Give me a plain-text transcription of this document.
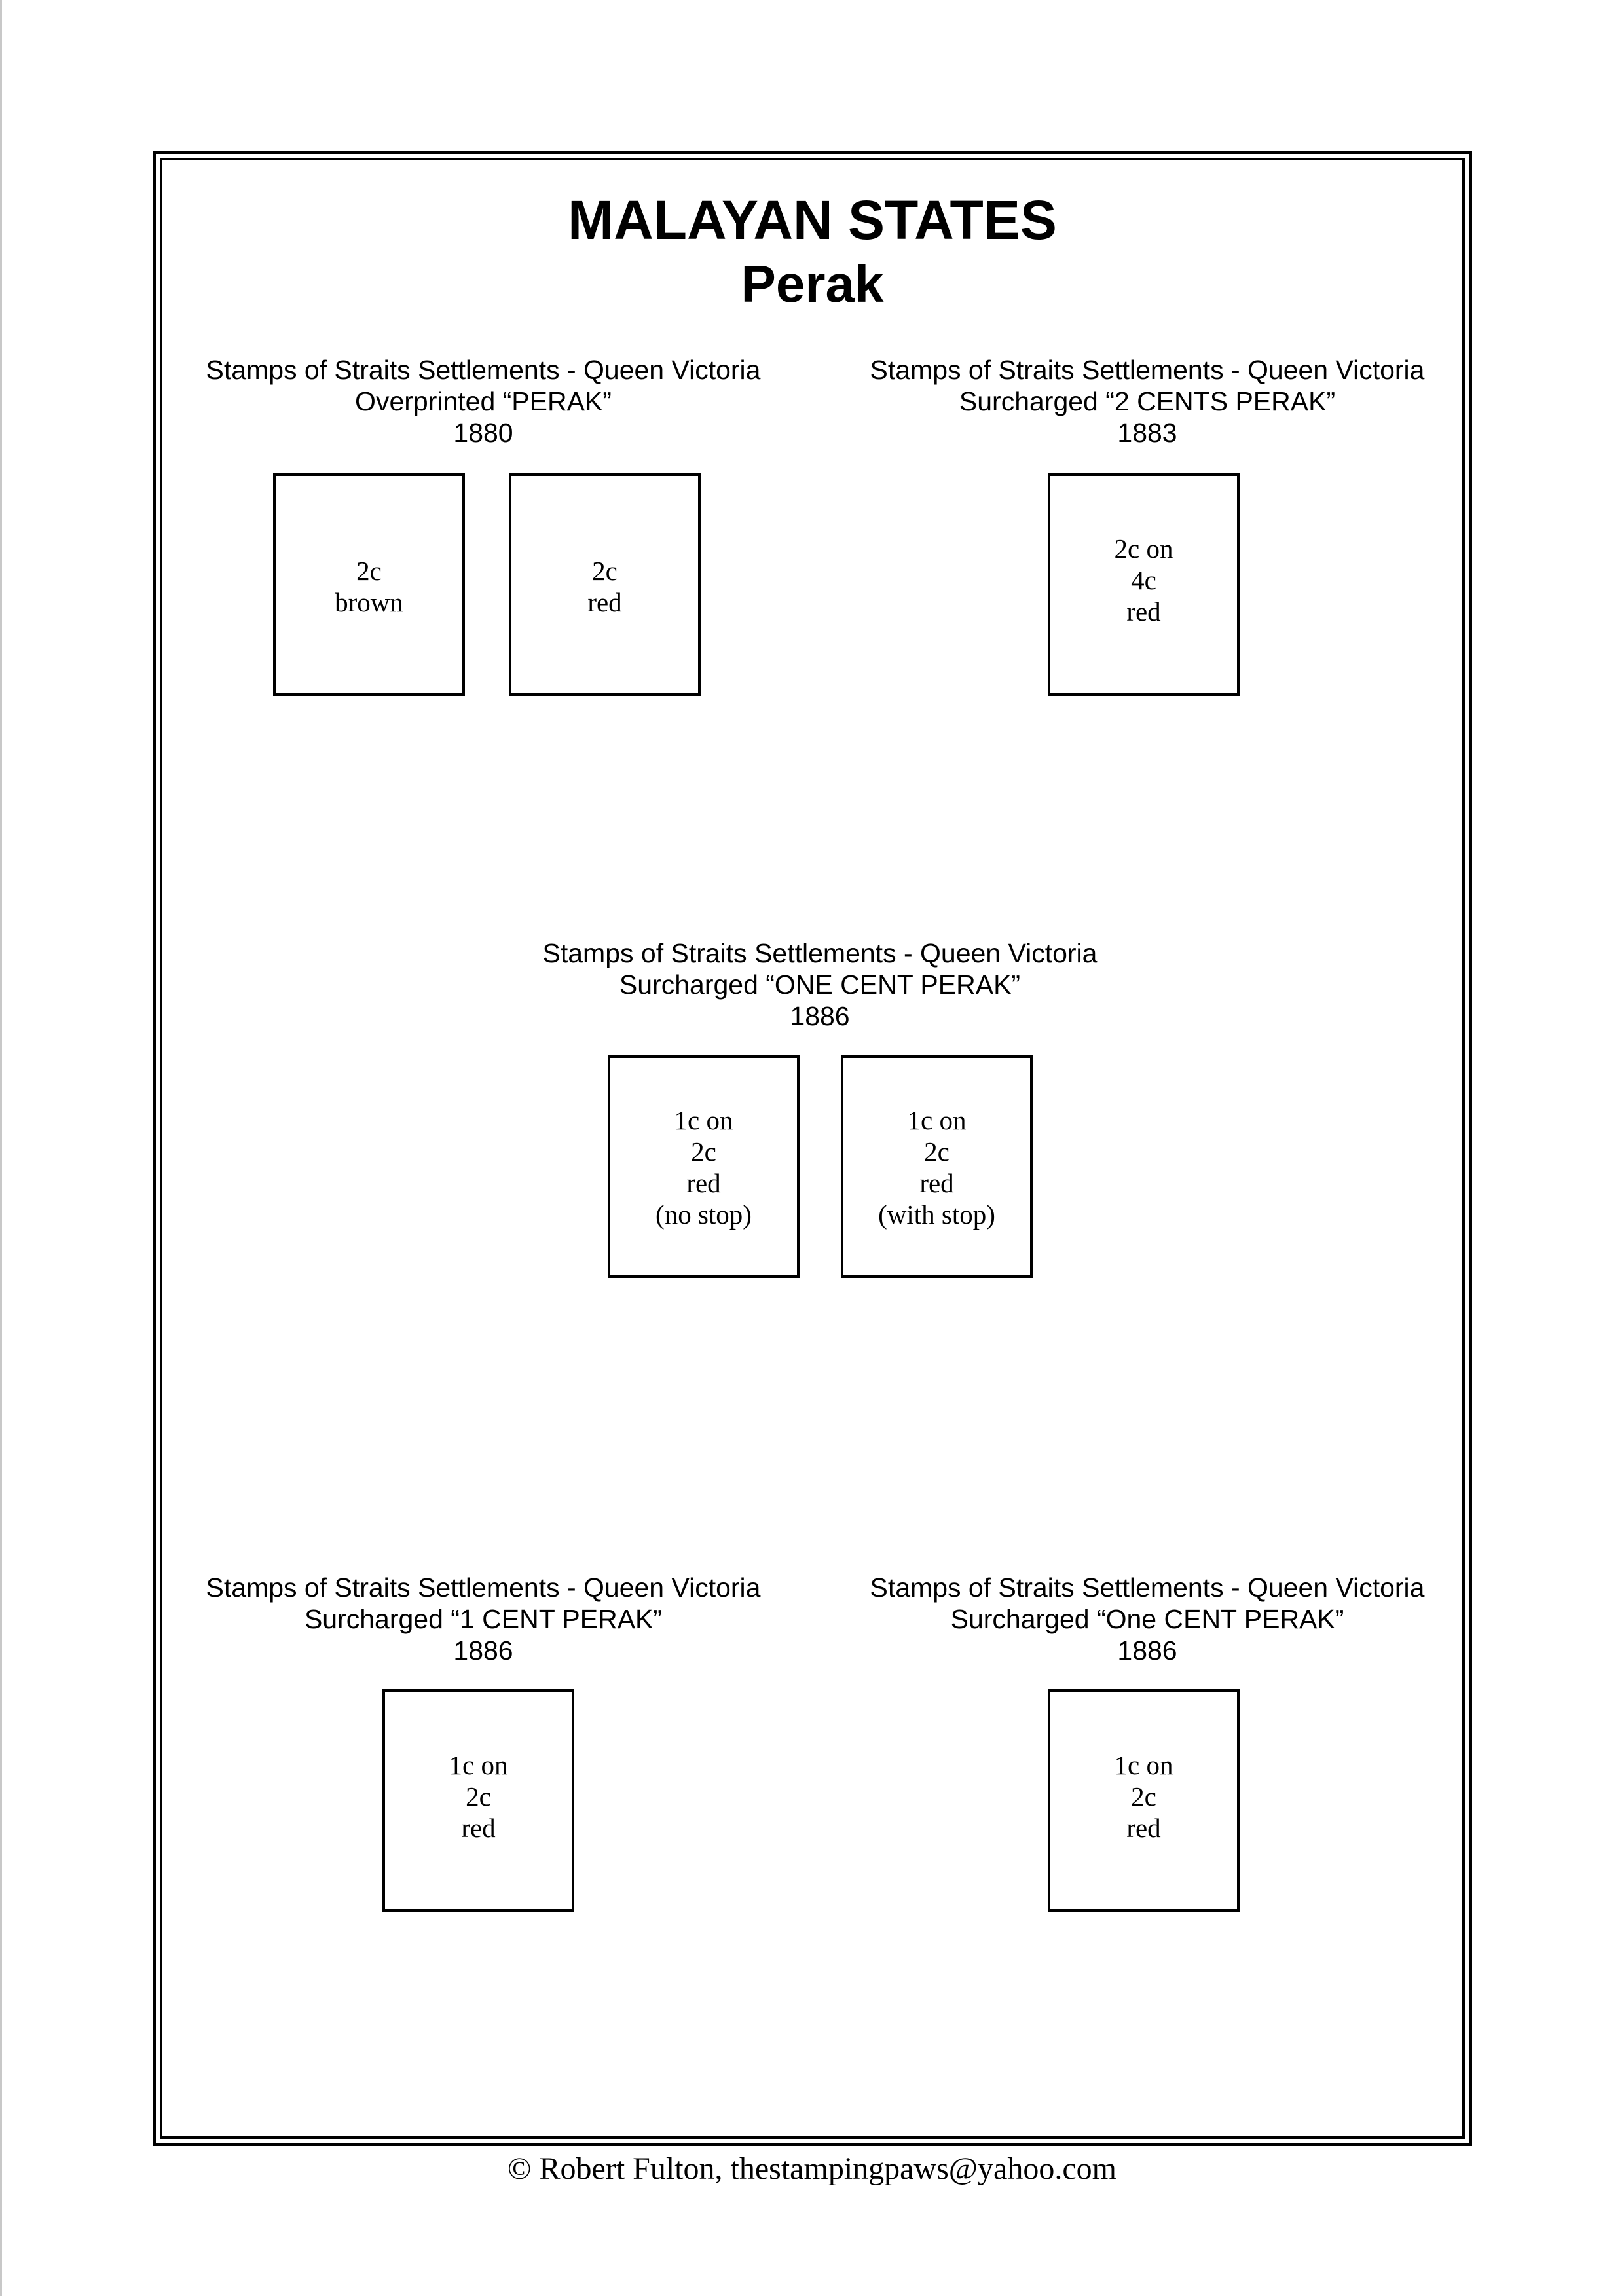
MALAYAN STATES
Perak
Stamps of Straits Settlements - Queen Victoria
Overprinted “PERAK”
1880
2c
brown
2c
red
Stamps of Straits Settlements - Queen Victoria
Surcharged “2 CENTS PERAK”
1883
2c on
4c
red
Stamps of Straits Settlements - Queen Victoria
Surcharged “ONE CENT PERAK”
1886
1c on
2c
red
(no stop)
1c on
2c
red
(with stop)
Stamps of Straits Settlements - Queen Victoria
Surcharged “1 CENT PERAK”
1886
1c on
2c
red
Stamps of Straits Settlements - Queen Victoria
Surcharged “One CENT PERAK”
1886
1c on
2c
red
© Robert Fulton, thestampingpaws@yahoo.com
